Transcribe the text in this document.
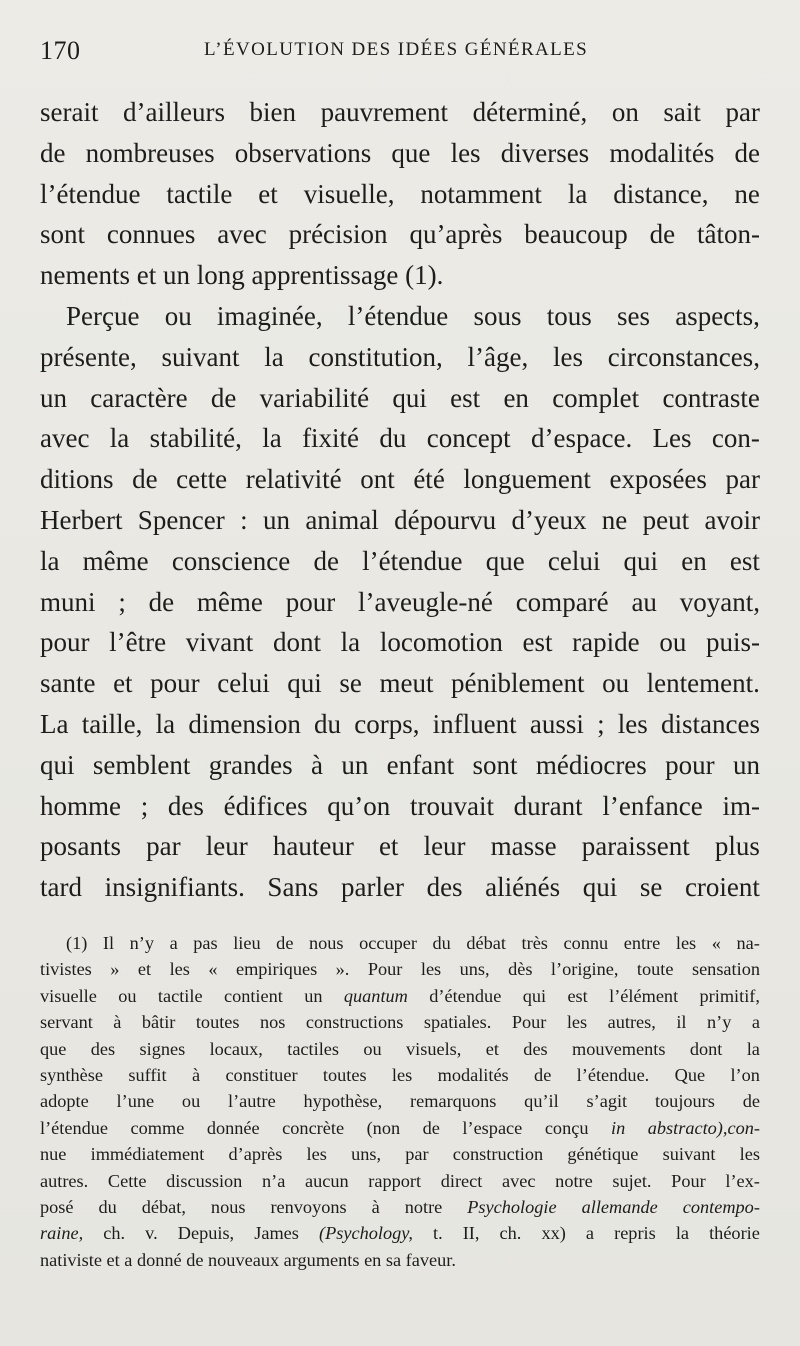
170	L’ÉVOLUTION DES IDÉES GÉNÉRALES
serait d’ailleurs bien pauvrement déterminé, on sait par
de nombreuses observations que les diverses modalités de
l’étendue tactile et visuelle, notamment la distance, ne
sont connues avec précision qu’après beaucoup de tâton-
nements et un long apprentissage (1).
Perçue ou imaginée, l’étendue sous tous ses aspects,
présente, suivant la constitution, l’âge, les circonstances,
un caractère de variabilité qui est en complet contraste
avec la stabilité, la fixité du concept d’espace. Les con-
ditions de cette relativité ont été longuement exposées par
Herbert Spencer : un animal dépourvu d’yeux ne peut avoir
la même conscience de l’étendue que celui qui en est
muni ; de même pour l’aveugle-né comparé au voyant,
pour l’être vivant dont la locomotion est rapide ou puis-
sante et pour celui qui se meut péniblement ou lentement.
La taille, la dimension du corps, influent aussi ; les distances
qui semblent grandes à un enfant sont médiocres pour un
homme ; des édifices qu’on trouvait durant l’enfance im-
posants par leur hauteur et leur masse paraissent plus
tard insignifiants. Sans parler des aliénés qui se croient
(1) Il n’y a pas lieu de nous occuper du débat très connu entre les « na-
tivistes » et les « empiriques ». Pour les uns, dès l’origine, toute sensation
visuelle ou tactile contient un quantum d’étendue qui est l’élément primitif,
servant à bâtir toutes nos constructions spatiales. Pour les autres, il n’y a
que des signes locaux, tactiles ou visuels, et des mouvements dont la
synthèse suffit à constituer toutes les modalités de l’étendue. Que l’on
adopte l’une ou l’autre hypothèse, remarquons qu’il s’agit toujours de
l’étendue comme donnée concrète (non de l’espace conçu in abstracto),con-
nue immédiatement d’après les uns, par construction génétique suivant les
autres. Cette discussion n’a aucun rapport direct avec notre sujet. Pour l’ex-
posé du débat, nous renvoyons à notre Psychologie allemande contempo-
raine, ch. v. Depuis, James (Psychology, t. II, ch. xx) a repris la théorie
nativiste et a donné de nouveaux arguments en sa faveur.
